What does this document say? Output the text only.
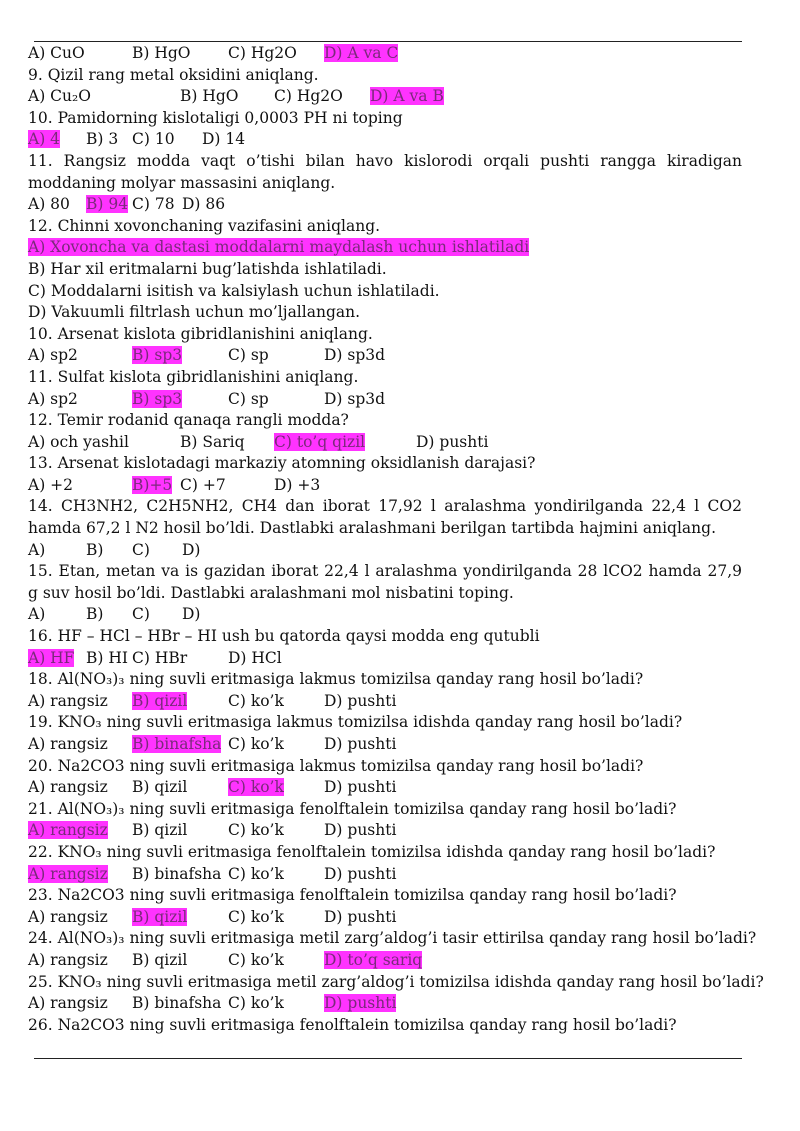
A) CuO	B) HgO	C) Hg2O	D) A va C
9. Qizil rang metal oksidini aniqlang.
A) Cu₂O	B) HgO	C) Hg2O	D) A va B
10. Pamidorning kislotaligi 0,0003 PH ni toping
A) 4	B) 3 C) 10	D) 14
11. Rangsiz modda vaqt o’tishi bilan havo kislorodi orqali pushti rangga kiradigan moddaning molyar massasini aniqlang.
A) 80	B) 94 C) 78 D) 86
12. Chinni xovonchaning vazifasini aniqlang.
A) Xovoncha va dastasi moddalarni maydalash uchun ishlatiladi
B) Har xil eritmalarni bug’latishda ishlatiladi.
C) Moddalarni isitish va kalsiylash uchun ishlatiladi.
D) Vakuumli filtrlash uchun mo’ljallangan.
10. Arsenat kislota gibridlanishini aniqlang.
A) sp2	B) sp3	C) sp	D) sp3d
11. Sulfat kislota gibridlanishini aniqlang.
A) sp2	B) sp3	C) sp	D) sp3d
12. Temir rodanid qanaqa rangli modda?
A) och yashil	B) Sariq	C) to’q qizil	D) pushti
13. Arsenat kislotadagi markaziy atomning oksidlanish darajasi?
A) +2	B)+5 C) +7	D) +3
14. CH3NH2, C2H5NH2, CH4 dan iborat 17,92 l aralashma yondirilganda 22,4 l CO2 hamda 67,2 l N2 hosil bo’ldi. Dastlabki aralashmani berilgan tartibda hajmini aniqlang.
A)	B)	C)	D)
15. Etan, metan va is gazidan iborat 22,4 l aralashma yondirilganda 28 lCO2 hamda 27,9 g suv hosil bo’ldi. Dastlabki aralashmani mol nisbatini toping.
A)	B)	C)	D)
16. HF – HCl – HBr – HI ush bu qatorda qaysi modda eng qutubli
A) HF B) HI C) HBr	D) HCl
18. Al(NO₃)₃ ning suvli eritmasiga lakmus tomizilsa qanday rang hosil bo’ladi?
A) rangsiz	B) qizil	C) ko’k	D) pushti
19. KNO₃ ning suvli eritmasiga lakmus tomizilsa idishda qanday rang hosil bo’ladi?
A) rangsiz	B) binafsha C) ko’k	D) pushti
20. Na2CO3 ning suvli eritmasiga lakmus tomizilsa qanday rang hosil bo’ladi?
A) rangsiz	B) qizil	C) ko’k	D) pushti
21. Al(NO₃)₃ ning suvli eritmasiga fenolftalein tomizilsa qanday rang hosil bo’ladi?
A) rangsiz	B) qizil	C) ko’k	D) pushti
22. KNO₃ ning suvli eritmasiga fenolftalein tomizilsa idishda qanday rang hosil bo’ladi?
A) rangsiz	B) binafsha C) ko’k	D) pushti
23. Na2CO3 ning suvli eritmasiga fenolftalein tomizilsa qanday rang hosil bo’ladi?
A) rangsiz	B) qizil	C) ko’k	D) pushti
24. Al(NO₃)₃ ning suvli eritmasiga metil zarg’aldog’i tasir ettirilsa qanday rang hosil bo’ladi?
A) rangsiz	B) qizil	C) ko’k	D) to’q sariq
25. KNO₃ ning suvli eritmasiga metil zarg’aldog’i tomizilsa idishda qanday rang hosil bo’ladi?
A) rangsiz	B) binafsha C) ko’k	D) pushti
26. Na2CO3 ning suvli eritmasiga fenolftalein tomizilsa qanday rang hosil bo’ladi?
